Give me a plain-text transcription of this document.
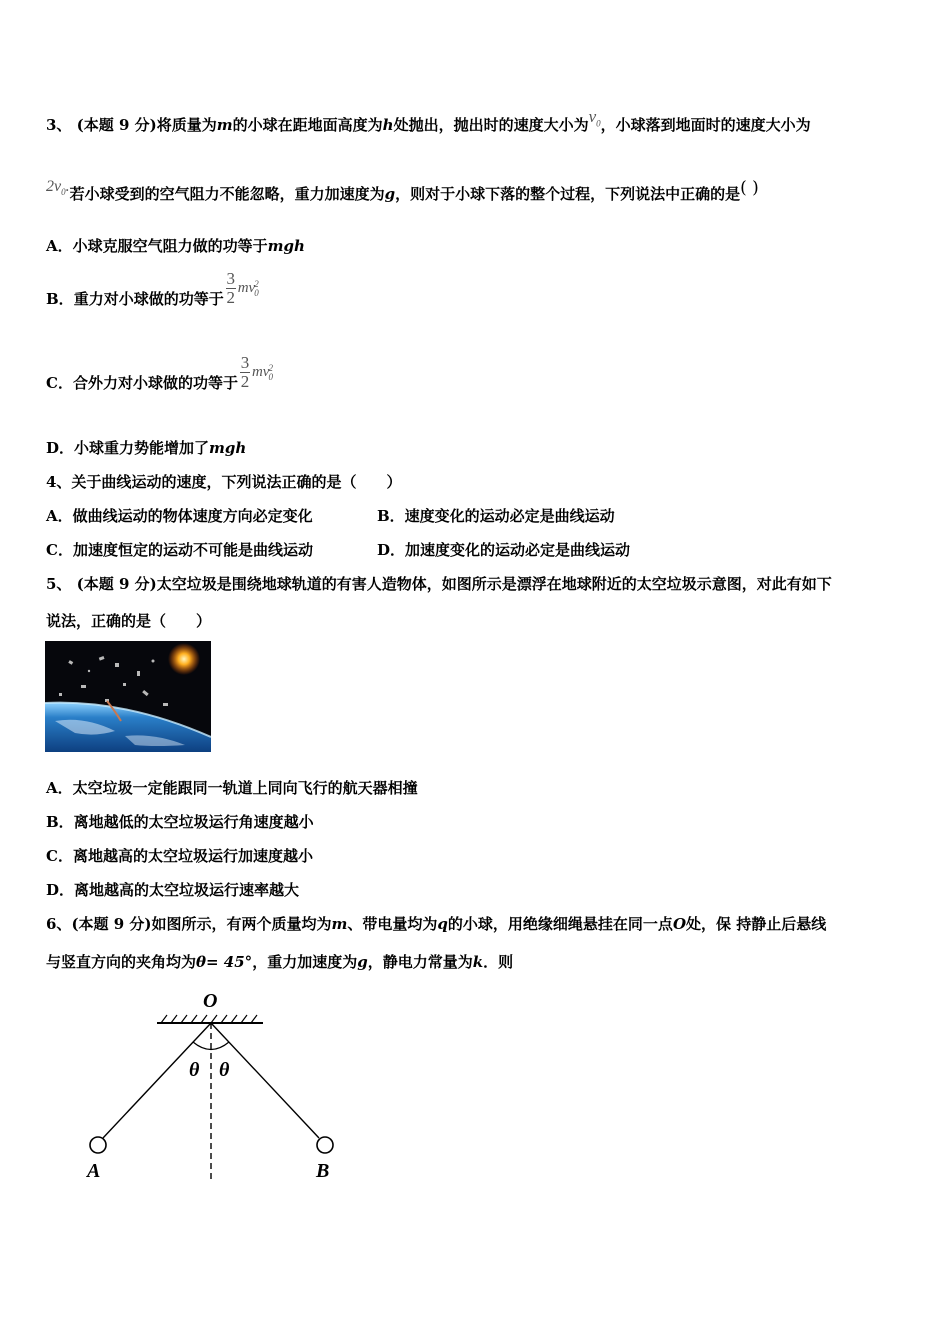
3、 (本题 9 分)将质量为m的小球在距地面高度为h处抛出，抛出时的速度大小为$v_0$，小球落到地面时的速度大小为
$2v_0$.若小球受到的空气阻力不能忽略，重力加速度为g，则对于小球下落的整个过程，下列说法中正确的是( )
A．小球克服空气阻力做的功等于mgh
B．重力对小球做的功等于 $\frac{3}{2}$ mv 2
0
C．合外力对小球做的功等于 $\frac{3}{2}$ mv 2
0
D．小球重力势能增加了mgh
4、关于曲线运动的速度，下列说法正确的是（　　）
A．做曲线运动的物体速度方向必定变化	B．速度变化的运动必定是曲线运动
C．加速度恒定的运动不可能是曲线运动	D．加速度变化的运动必定是曲线运动
5、 (本题 9 分)太空垃圾是围绕地球轨道的有害人造物体，如图所示是漂浮在地球附近的太空垃圾示意图，对此有如下
说法，正确的是（　　）
A．太空垃圾一定能跟同一轨道上同向飞行的航天器相撞
B．离地越低的太空垃圾运行角速度越小
C．离地越高的太空垃圾运行加速度越小
D．离地越高的太空垃圾运行速率越大
6、(本题 9 分)如图所示，有两个质量均为m、带电量均为q的小球，用绝缘细绳悬挂在同一点O处，保 持静止后悬线
与竖直方向的夹角均为θ= 45°，重力加速度为g，静电力常量为k．则
O
θ θ
A	B
